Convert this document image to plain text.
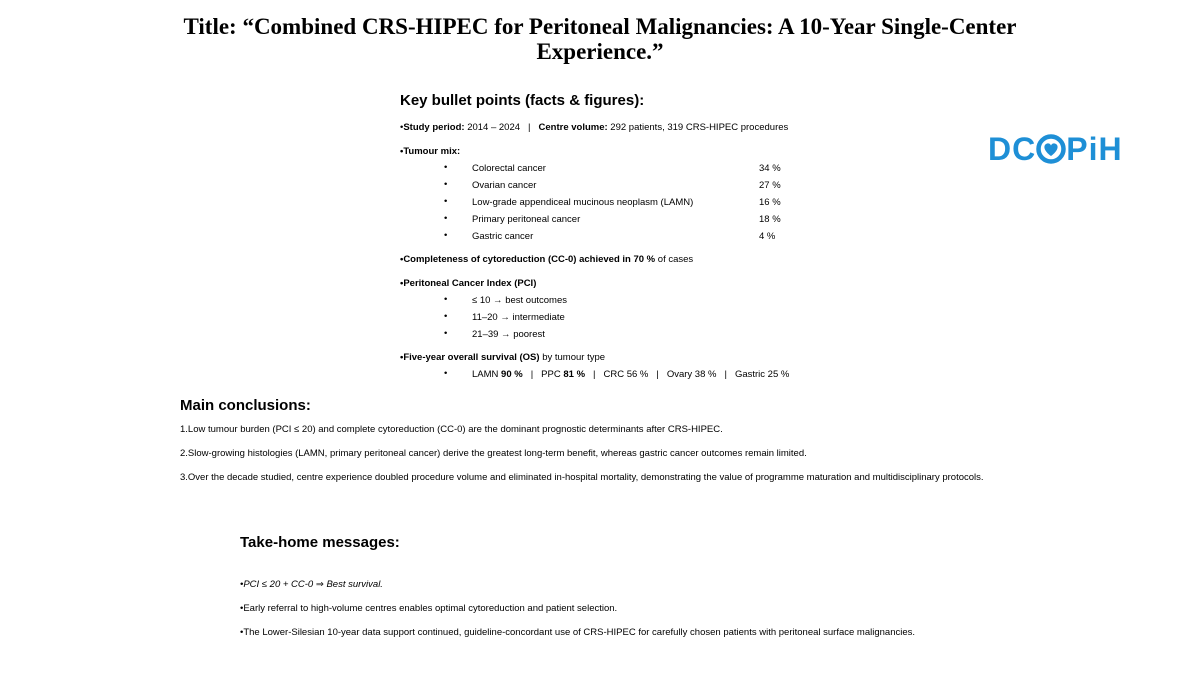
Title: “Combined CRS-HIPEC for Peritoneal Malignancies: A 10-Year Single-Center
Experience.”
DC PiH
Key bullet points (facts & figures):
•Study period: 2014 – 2024 | Centre volume: 292 patients, 319 CRS-HIPEC procedures
•Tumour mix:
•	Colorectal cancer	34 %
•	Ovarian cancer	27 %
•	Low-grade appendiceal mucinous neoplasm (LAMN)	16 %
•	Primary peritoneal cancer	18 %
•	Gastric cancer	4 %
•Completeness of cytoreduction (CC-0) achieved in 70 % of cases
•Peritoneal Cancer Index (PCI)
•	≤ 10 → best outcomes
•	11–20 → intermediate
•	21–39 → poorest
•Five-year overall survival (OS) by tumour type
•	LAMN 90 % | PPC 81 % | CRC 56 % | Ovary 38 % | Gastric 25 %
Main conclusions:
1.Low tumour burden (PCI ≤ 20) and complete cytoreduction (CC-0) are the dominant prognostic determinants after CRS-HIPEC.
2.Slow-growing histologies (LAMN, primary peritoneal cancer) derive the greatest long-term benefit, whereas gastric cancer outcomes remain limited.
3.Over the decade studied, centre experience doubled procedure volume and eliminated in-hospital mortality, demonstrating the value of programme maturation and multidisciplinary protocols.
Take-home messages:
•PCI ≤ 20 + CC-0 ⇒ Best survival.
•Early referral to high-volume centres enables optimal cytoreduction and patient selection.
•The Lower-Silesian 10-year data support continued, guideline-concordant use of CRS-HIPEC for carefully chosen patients with peritoneal surface malignancies.
